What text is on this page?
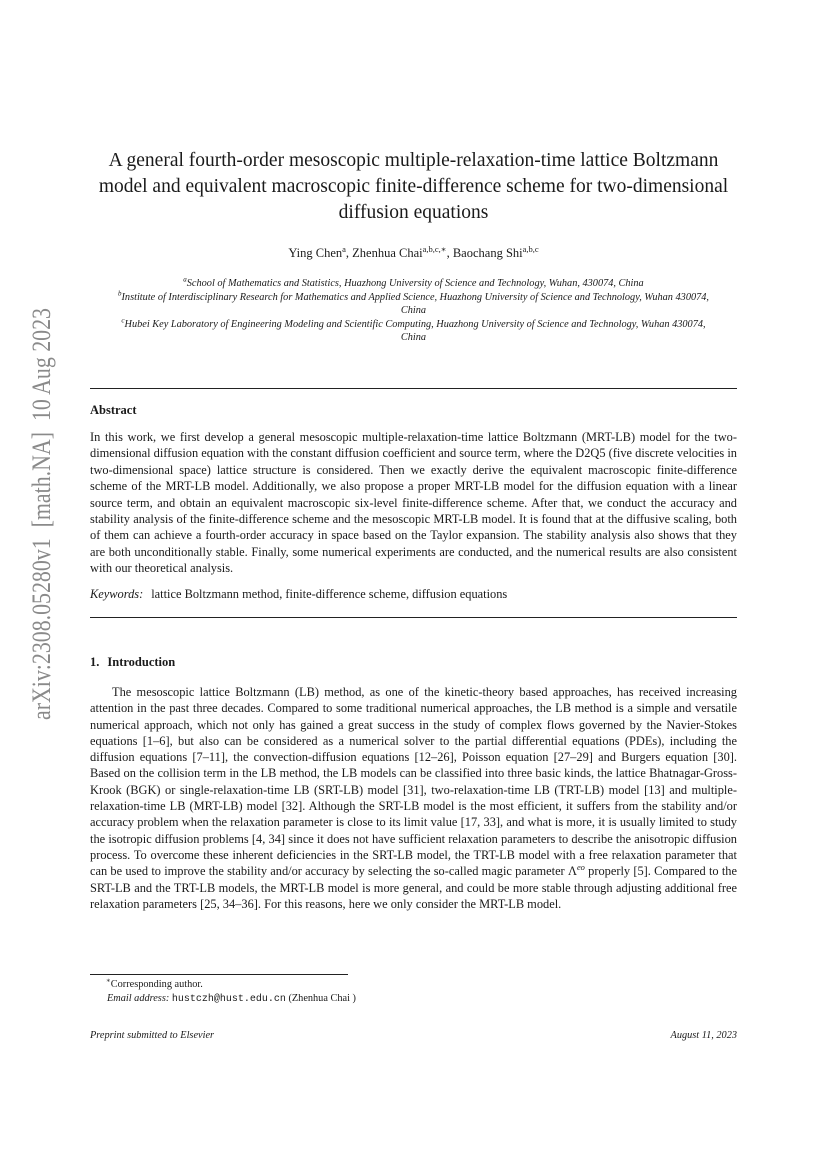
arXiv:2308.05280v1  [math.NA]  10 Aug 2023
A general fourth-order mesoscopic multiple-relaxation-time lattice Boltzmann model and equivalent macroscopic finite-difference scheme for two-dimensional diffusion equations
Ying Chen$^a$, Zhenhua Chai$^{a,b,c,∗}$, Baochang Shi$^{a,b,c}$
$^a$School of Mathematics and Statistics, Huazhong University of Science and Technology, Wuhan, 430074, China
$^b$Institute of Interdisciplinary Research for Mathematics and Applied Science, Huazhong University of Science and Technology, Wuhan 430074,
China
$^c$Hubei Key Laboratory of Engineering Modeling and Scientific Computing, Huazhong University of Science and Technology, Wuhan 430074,
China
Abstract
In this work, we first develop a general mesoscopic multiple-relaxation-time lattice Boltzmann (MRT-LB) model for the two-dimensional diffusion equation with the constant diffusion coefficient and source term, where the D2Q5 (five discrete velocities in two-dimensional space) lattice structure is considered. Then we exactly derive the equivalent macroscopic finite-difference scheme of the MRT-LB model. Additionally, we also propose a proper MRT-LB model for the diffusion equation with a linear source term, and obtain an equivalent macroscopic six-level finite-difference scheme. After that, we conduct the accuracy and stability analysis of the finite-difference scheme and the mesoscopic MRT-LB model. It is found that at the diffusive scaling, both of them can achieve a fourth-order accuracy in space based on the Taylor expansion. The stability analysis also shows that they are both unconditionally stable. Finally, some numerical experiments are conducted, and the numerical results are also consistent with our theoretical analysis.
Keywords: lattice Boltzmann method, finite-difference scheme, diffusion equations
1. Introduction
The mesoscopic lattice Boltzmann (LB) method, as one of the kinetic-theory based approaches, has received increasing attention in the past three decades. Compared to some traditional numerical approaches, the LB method is a simple and versatile numerical approach, which not only has gained a great success in the study of complex flows governed by the Navier-Stokes equations [1–6], but also can be considered as a numerical solver to the partial differential equations (PDEs), including the diffusion equations [7–11], the convection-diffusion equations [12–26], Poisson equation [27–29] and Burgers equation [30]. Based on the collision term in the LB method, the LB models can be classified into three basic kinds, the lattice Bhatnagar-Gross-Krook (BGK) or single-relaxation-time LB (SRT-LB) model [31], two-relaxation-time LB (TRT-LB) model [13] and multiple-relaxation-time LB (MRT-LB) model [32]. Although the SRT-LB model is the most efficient, it suffers from the stability and/or accuracy problem when the relaxation parameter is close to its limit value [17, 33], and what is more, it is usually limited to study the isotropic diffusion problems [4, 34] since it does not have sufficient relaxation parameters to describe the anisotropic diffusion process. To overcome these inherent deficiencies in the SRT-LB model, the TRT-LB model with a free relaxation parameter that can be used to improve the stability and/or accuracy by selecting the so-called magic parameter $\Lambda^{eo}$ properly [5]. Compared to the SRT-LB and the TRT-LB models, the MRT-LB model is more general, and could be more stable through adjusting additional free relaxation parameters [25, 34–36]. For this reasons, here we only consider the MRT-LB model.
∗Corresponding author.
Email address: hustczh@hust.edu.cn (Zhenhua Chai )
Preprint submitted to Elsevier	August 11, 2023
